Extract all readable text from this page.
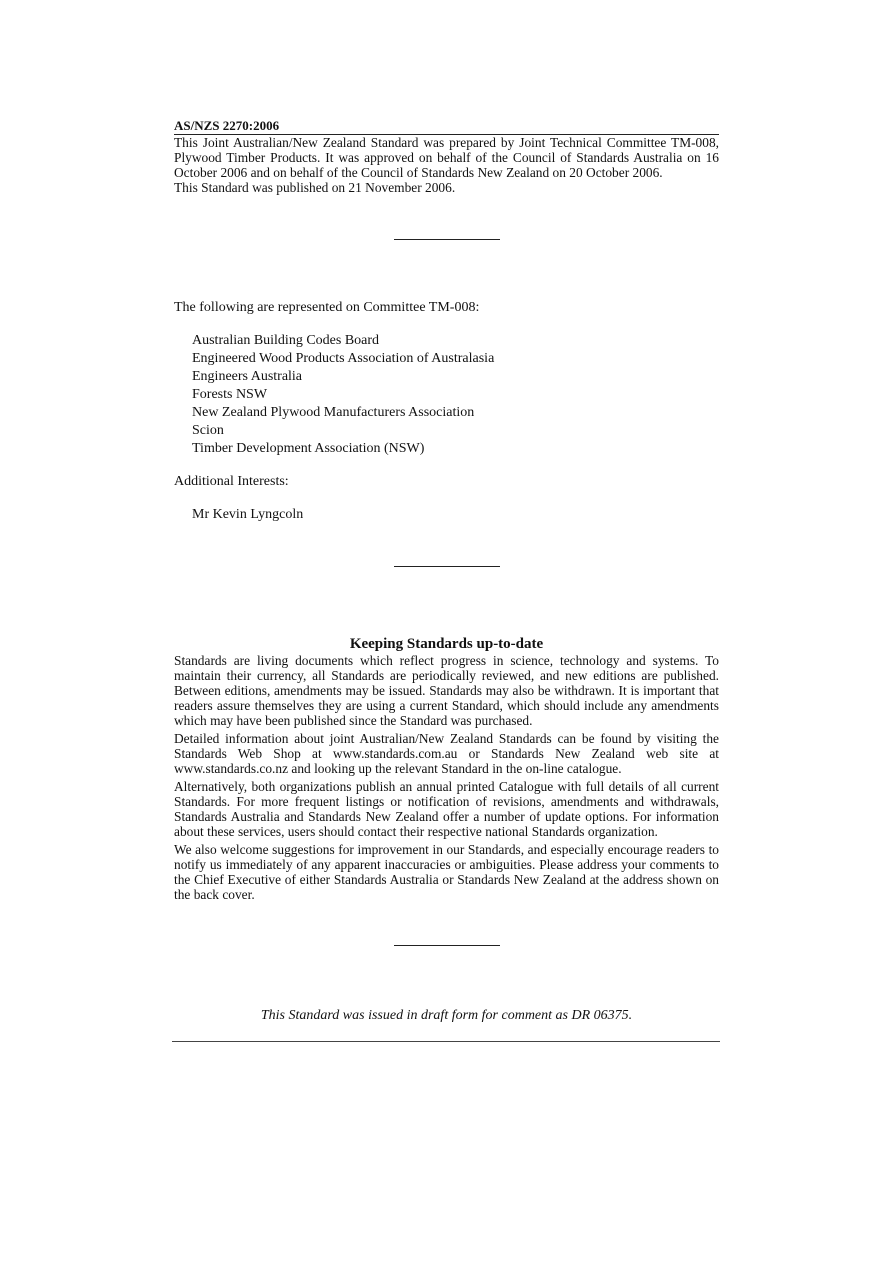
AS/NZS 2270:2006

This Joint Australian/New Zealand Standard was prepared by Joint Technical Committee TM-008, Plywood Timber Products. It was approved on behalf of the Council of Standards Australia on 16 October 2006 and on behalf of the Council of Standards New Zealand on 20 October 2006.

This Standard was published on 21 November 2006.

The following are represented on Committee TM-008:

Australian Building Codes Board
Engineered Wood Products Association of Australasia
Engineers Australia
Forests NSW
New Zealand Plywood Manufacturers Association
Scion
Timber Development Association (NSW)

Additional Interests:

Mr Kevin Lyngcoln
Keeping Standards up-to-date

Standards are living documents which reflect progress in science, technology and systems. To maintain their currency, all Standards are periodically reviewed, and new editions are published. Between editions, amendments may be issued. Standards may also be withdrawn. It is important that readers assure themselves they are using a current Standard, which should include any amendments which may have been published since the Standard was purchased.

Detailed information about joint Australian/New Zealand Standards can be found by visiting the Standards Web Shop at www.standards.com.au or Standards New Zealand web site at www.standards.co.nz and looking up the relevant Standard in the on-line catalogue.

Alternatively, both organizations publish an annual printed Catalogue with full details of all current Standards. For more frequent listings or notification of revisions, amendments and withdrawals, Standards Australia and Standards New Zealand offer a number of update options. For information about these services, users should contact their respective national Standards organization.

We also welcome suggestions for improvement in our Standards, and especially encourage readers to notify us immediately of any apparent inaccuracies or ambiguities. Please address your comments to the Chief Executive of either Standards Australia or Standards New Zealand at the address shown on the back cover.

This Standard was issued in draft form for comment as DR 06375.
